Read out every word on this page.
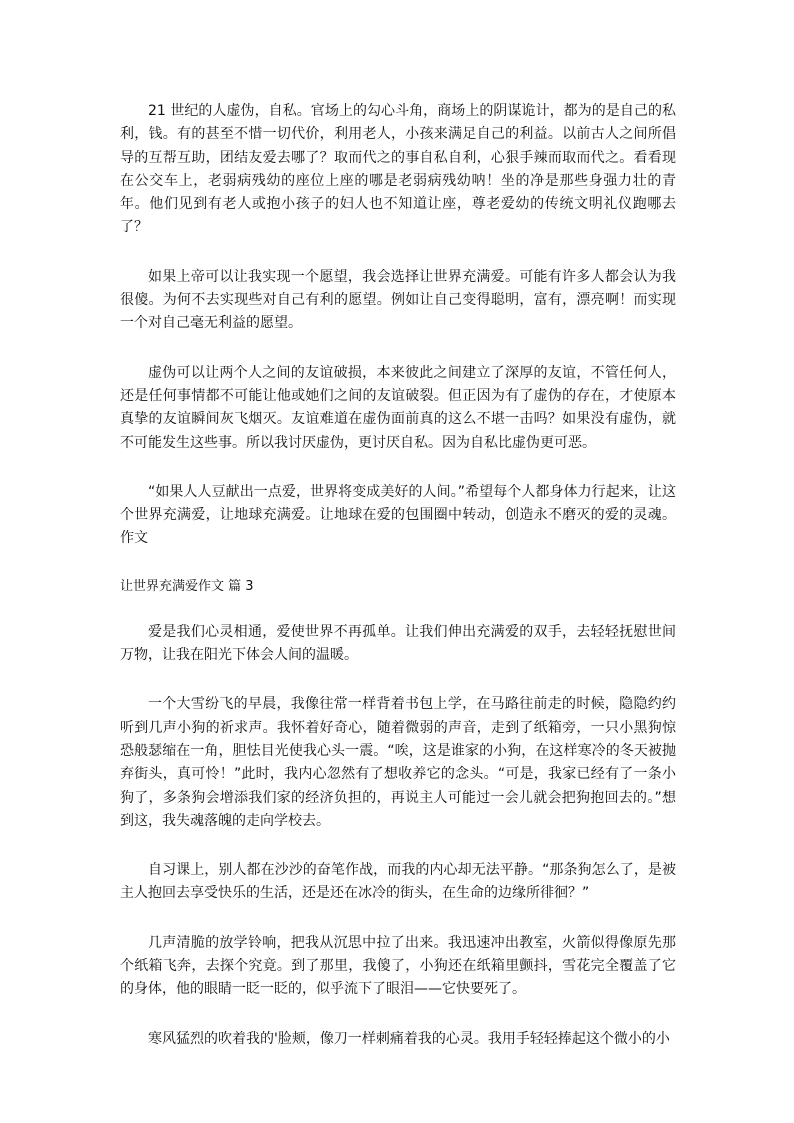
21 世纪的人虚伪，自私。官场上的勾心斗角，商场上的阴谋诡计，都为的是自己的私利，钱。有的甚至不惜一切代价，利用老人，小孩来满足自己的利益。以前古人之间所倡导的互帮互助，团结友爱去哪了？取而代之的事自私自利，心狠手辣而取而代之。看看现在公交车上，老弱病残幼的座位上座的哪是老弱病残幼呐！坐的净是那些身强力壮的青年。他们见到有老人或抱小孩子的妇人也不知道让座，尊老爱幼的传统文明礼仪跑哪去了？

如果上帝可以让我实现一个愿望，我会选择让世界充满爱。可能有许多人都会认为我很傻。为何不去实现些对自己有利的愿望。例如让自己变得聪明，富有，漂亮啊！而实现一个对自己毫无利益的愿望。

虚伪可以让两个人之间的友谊破损，本来彼此之间建立了深厚的友谊，不管任何人，还是任何事情都不可能让他或她们之间的友谊破裂。但正因为有了虚伪的存在，才使原本真挚的友谊瞬间灰飞烟灭。友谊难道在虚伪面前真的这么不堪一击吗？如果没有虚伪，就不可能发生这些事。所以我讨厌虚伪，更讨厌自私。因为自私比虚伪更可恶。

“如果人人豆献出一点爱，世界将变成美好的人间。”希望每个人都身体力行起来，让这个世界充满爱，让地球充满爱。让地球在爱的包围圈中转动，创造永不磨灭的爱的灵魂。作文

让世界充满爱作文 篇 3

爱是我们心灵相通，爱使世界不再孤单。让我们伸出充满爱的双手，去轻轻抚慰世间万物，让我在阳光下体会人间的温暖。

一个大雪纷飞的早晨，我像往常一样背着书包上学，在马路往前走的时候，隐隐约约听到几声小狗的祈求声。我怀着好奇心，随着微弱的声音，走到了纸箱旁，一只小黑狗惊恐般瑟缩在一角，胆怯目光使我心头一震。“唉，这是谁家的小狗，在这样寒冷的冬天被抛弃街头，真可怜！”此时，我内心忽然有了想收养它的念头。“可是，我家已经有了一条小狗了，多条狗会增添我们家的经济负担的，再说主人可能过一会儿就会把狗抱回去的。”想到这，我失魂落魄的走向学校去。

自习课上，别人都在沙沙的奋笔作战，而我的内心却无法平静。“那条狗怎么了，是被主人抱回去享受快乐的生活，还是还在冰冷的街头，在生命的边缘所徘徊？”

几声清脆的放学铃响，把我从沉思中拉了出来。我迅速冲出教室，火箭似得像原先那个纸箱飞奔，去探个究竟。到了那里，我傻了，小狗还在纸箱里颤抖，雪花完全覆盖了它的身体，他的眼睛一眨一眨的，似乎流下了眼泪——它快要死了。

寒风猛烈的吹着我的'脸颊，像刀一样刺痛着我的心灵。我用手轻轻捧起这个微小的小
